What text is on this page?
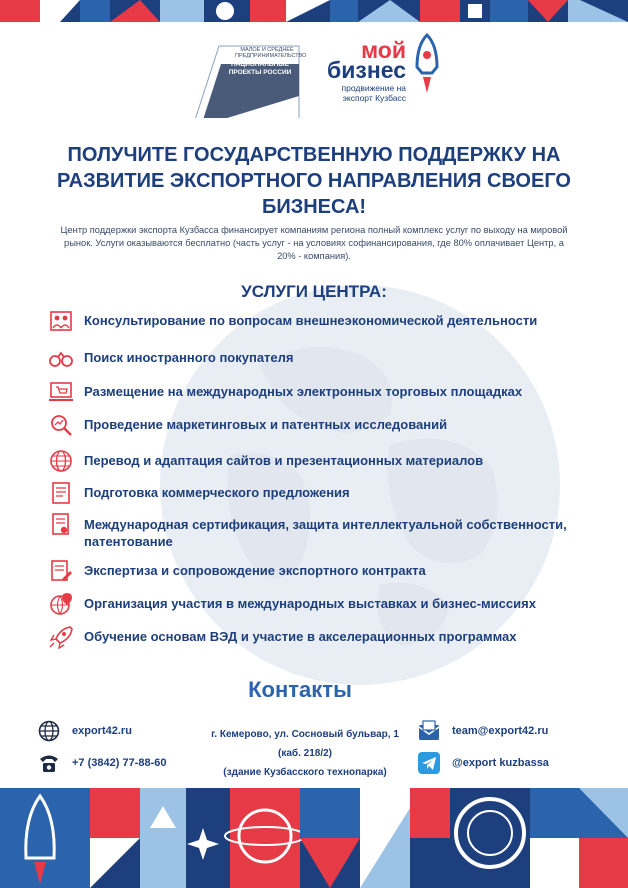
МАЛОЕ И СРЕДНЕЕ ПРЕДПРИНИМАТЕЛЬСТВО
НАЦИОНАЛЬНЫЕ ПРОЕКТЫ РОССИИ
мой
бизнес
продвижение на экспорт Кузбасс
ПОЛУЧИТЕ ГОСУДАРСТВЕННУЮ ПОДДЕРЖКУ НА РАЗВИТИЕ ЭКСПОРТНОГО НАПРАВЛЕНИЯ СВОЕГО БИЗНЕСА!

Центр поддержки экспорта Кузбасса финансирует компаниям региона полный комплекс услуг по выходу на мировой рынок. Услуги оказываются бесплатно (часть услуг - на условиях софинансирования, где 80% оплачивает Центр, а 20% - компания).

УСЛУГИ ЦЕНТРА:
Консультирование по вопросам внешнеэкономической деятельности
Поиск иностранного покупателя
Размещение на международных электронных торговых площадках
Проведение маркетинговых и патентных исследований
Перевод и адаптация сайтов и презентационных материалов
Подготовка коммерческого предложения
Международная сертификация, защита интеллектуальной собственности, патентование
Экспертиза и сопровождение экспортного контракта
Организация участия в международных выставках и бизнес-миссиях
Обучение основам ВЭД и участие в акселерационных программах
Контакты
export42.ru
+7 (3842) 77-88-60
г. Кемерово, ул. Сосновый бульвар, 1
(каб. 218/2)
(здание Кузбасского технопарка)
team@export42.ru
@export kuzbassa
